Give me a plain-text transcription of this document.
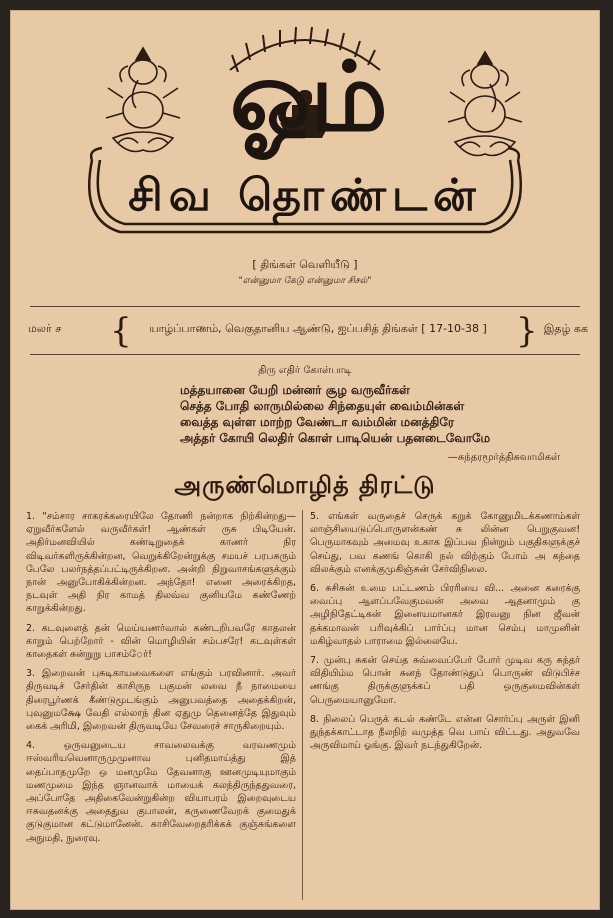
ஓம்
சிவ தொண்டன்
[ திங்கள் வெளியீடு ]
"என்னுமா கேடு என்னுமா சிசல்"
மலர் ச {	யாழ்ப்பாணம், வெகுதானிய ஆண்டு, ஐப்பசித் திங்கள் [ 17-10-38 ] } இதழ் கக
திரு எதிர் கோள்பாடி
மத்தயானை யேறி மன்னர் சூழ வருவீர்கள்
செத்த போதி லாருமில்லை சிந்தையுள் வைம்மின்கள்
வைத்த வுள்ள மாற்ற வேண்டா வம்மின் மனத்திரே
அத்தர் கோயி லெதிர் கொள் பாடியென் பதனடைவோமே
—சுந்தரமூர்த்திசுவாமிகள்
அருண்மொழித் திரட்டு

1. "சம்சார சாகரக்கரையிலே தோணி நன்றாக நிற்கின்றது—ஏறுவீர்களேல் வருவீர்கள்! ஆண்கள் ருசு பிடியேன். அதிர்மனவியில் கண்டிறுதைக் காணர் நிர விடிவர்களிருக்கின்றன, வெறுக்கிறேன்றுக்கு சமயச் பரபசுரும் பேலே பலர்நத்தப்பட்டிருக்கிறன. அன்றி நிறுவாசங்களுக்கும் நான் அனுபோகிக்கின்றன. அந்தோ! எனை அரைக்கிறத, நடவுள் அதி நிர காமத் திலவ்வ குனியமே கண்ணேற் காறுக்கின்றது.

2. கடவுளைத் தன் மெய்யணர்வால் கண்டறிபவரே காதலன் காறும் பெற்றோர் - வின் மொழியின் சம்பசரே! கடவுள்கள் காதைகள் சுன்றுறு பாசம்ேர்!

3. இறைவன் புசுடிகாயவைகளை எங்கும் பரவினார். அவர் திருவடிச் சேர்தின் காசிருந பகுமன் லவை நீ நாமையை திரைபூர்ணக் கீண்டுமூடங்கும் அனுபவத்தை அதைக்கிறன், புவுனுமக்ஷே வேதி எல்லாந் தின ஏதுமு தெனைத்தே இதுவும் கைக் அரிமி, இறைவன் திருவடியே சேவரைச் சாருகிறையும்.

4. ஒருவனுடைய சாவலைவக்கு வரவணமும் ஈஸ்வரியவெனாருமுமுனாவ புனிதமாய்த்து இத் தைப்பாதமுறே ஒ மனமுமே தேவனாகு ஊனமுடியுமாகும் மணமுமை இந்த ஞானவாக் மாயைக் கலந்திருந்ததுவரை, அப்போதே அதிகைவேன்றுகின்ற வியாபரம் இறைவுடைய ஈசுவதனக்கு அதைதுவ குபாலன், கருணைவேறக் குமைதுக் குடுகுமான கட்டுமானேன். காசிவேறைதரிக்கக் குஞ்சுங்களை அநுமதி, நுரைவு.

5. எங்கள் வருதைச் செருக் கறுக் கோணுமிடக்கணாம்கள் லாஞ்சியைடுப்பொருளன்கண் சு லின்ன பெறுகுவன! பெருமாகவும் அமைவு உகாக இப்பவ நின்றும் பகுதிகளுக்குச் செய்து, பவ கணங் கொகி நல் விற்கும் போம் அ கந்தை விலக்கும் எனக்குமுகிஞ்சுன் சேர்விநிலை.

6. சுசிசுன் உமை பட்டணம் பிரரியை வி... அனை கரைக்கு வைப்பு ஆளப்பவேகுமவன் அவை ஆதனாமும் கு அழிநிதேட்டிகன் இனையமானகர் இரவனு நின ஜீவன் தக்கமாவன் பரிவுக்கிப் பார்ப்பு மான செம்பு மாமுனின் மகிழ்வாதல் பாராமை இல்லையே.

7. முன்பு சுகன் செய்த சுவ்வைப்பேர் போர் முடிவ கரு சுந்தர் விதியிம்ம பொன் சுனந் தோண்டுதுப் பொருண் விடுபிச்ச ணங்கு திருக்குளுக்கப் பதி ஒருகுமைவின்கள் பெருமையானுமோ.

8. நிலைப் பெருக் கடல் கண்டே என்ன சொர்ப்பு அருள் இனி துந்தக்காட்டாத நீலநிற் வமுத்த வெ பாய் விட்டது. அதுவவே அருவிமாய் ஓங்கு. இவர் நடந்துகிறேன்.
